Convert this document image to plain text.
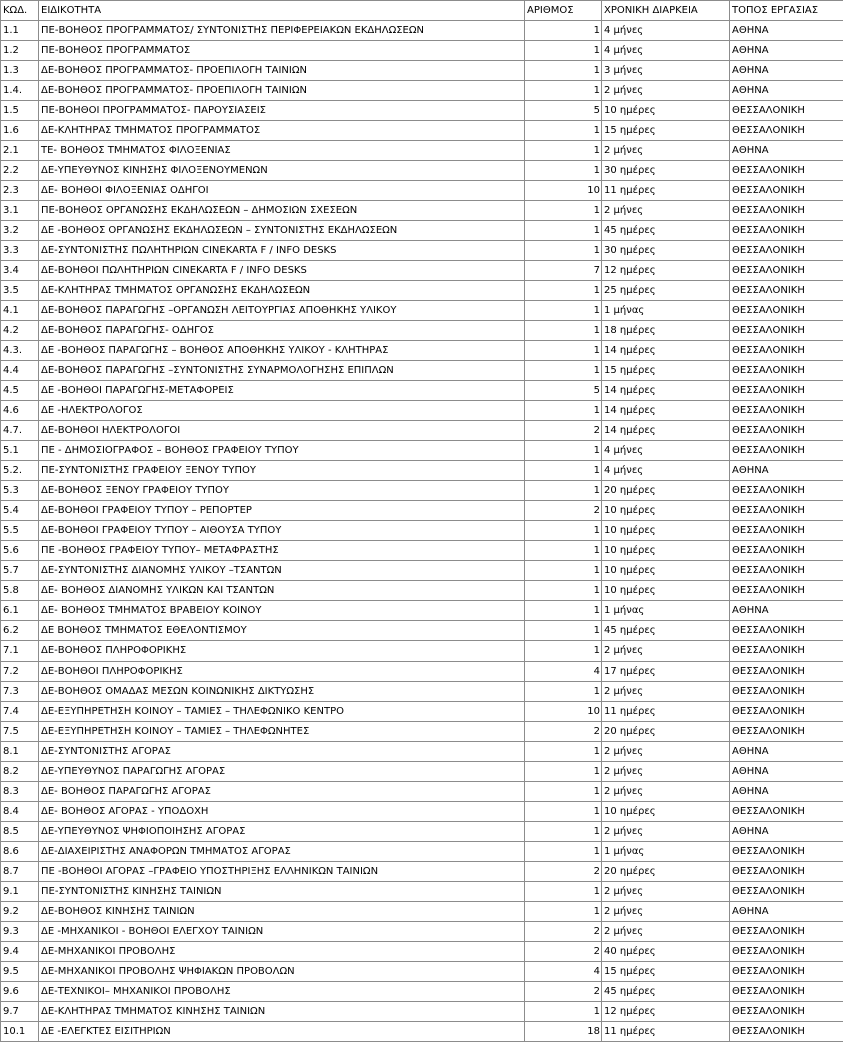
ΚΩΔ.	ΕΙΔΙΚΟΤΗΤΑ	ΑΡΙΘΜΟΣ	ΧΡΟΝΙΚΗ ΔΙΑΡΚΕΙΑ	ΤΟΠΟΣ ΕΡΓΑΣΙΑΣ
1.1	ΠΕ-ΒΟΗΘΟΣ ΠΡΟΓΡΑΜΜΑΤΟΣ/ ΣΥΝΤΟΝΙΣΤΗΣ ΠΕΡΙΦΕΡΕΙΑΚΩΝ ΕΚΔΗΛΩΣΕΩΝ	1	4 μήνες	ΑΘΗΝΑ
1.2	ΠΕ-ΒΟΗΘΟΣ ΠΡΟΓΡΑΜΜΑΤΟΣ	1	4 μήνες	ΑΘΗΝΑ
1.3	ΔΕ-ΒΟΗΘΟΣ ΠΡΟΓΡΑΜΜΑΤΟΣ- ΠΡΟΕΠΙΛΟΓΗ ΤΑΙΝΙΩΝ	1	3 μήνες	ΑΘΗΝΑ
1.4.	ΔΕ-ΒΟΗΘΟΣ ΠΡΟΓΡΑΜΜΑΤΟΣ- ΠΡΟΕΠΙΛΟΓΗ ΤΑΙΝΙΩΝ	1	2 μήνες	ΑΘΗΝΑ
1.5	ΠΕ-ΒΟΗΘΟΙ ΠΡΟΓΡΑΜΜΑΤΟΣ- ΠΑΡΟΥΣΙΑΣΕΙΣ	5	10 ημέρες	ΘΕΣΣΑΛΟΝΙΚΗ
1.6	ΔΕ-ΚΛΗΤΗΡΑΣ ΤΜΗΜΑΤΟΣ ΠΡΟΓΡΑΜΜΑΤΟΣ	1	15 ημέρες	ΘΕΣΣΑΛΟΝΙΚΗ
2.1	ΤΕ- ΒΟΗΘΟΣ ΤΜΗΜΑΤΟΣ ΦΙΛΟΞΕΝΙΑΣ	1	2 μήνες	ΑΘΗΝΑ
2.2	ΔΕ-ΥΠΕΥΘΥΝΟΣ ΚΙΝΗΣΗΣ ΦΙΛΟΞΕΝΟΥΜΕΝΩΝ	1	30 ημέρες	ΘΕΣΣΑΛΟΝΙΚΗ
2.3	ΔΕ- ΒΟΗΘΟΙ ΦΙΛΟΞΕΝΙΑΣ ΟΔΗΓΟΙ	10	11 ημέρες	ΘΕΣΣΑΛΟΝΙΚΗ
3.1	ΠΕ-ΒΟΗΘΟΣ ΟΡΓΑΝΩΣΗΣ ΕΚΔΗΛΩΣΕΩΝ – ΔΗΜΟΣΙΩΝ ΣΧΕΣΕΩΝ	1	2 μήνες	ΘΕΣΣΑΛΟΝΙΚΗ
3.2	ΔΕ -ΒΟΗΘΟΣ ΟΡΓΑΝΩΣΗΣ ΕΚΔΗΛΩΣΕΩΝ – ΣΥΝΤΟΝΙΣΤΗΣ ΕΚΔΗΛΩΣΕΩΝ	1	45 ημέρες	ΘΕΣΣΑΛΟΝΙΚΗ
3.3	ΔΕ-ΣΥΝΤΟΝΙΣΤΗΣ ΠΩΛΗΤΗΡΙΩΝ CINEKARTA F / INFO DESKS	1	30 ημέρες	ΘΕΣΣΑΛΟΝΙΚΗ
3.4	ΔΕ-ΒΟΗΘΟΙ ΠΩΛΗΤΗΡΙΩΝ CINEKARTA F / INFO DESKS	7	12 ημέρες	ΘΕΣΣΑΛΟΝΙΚΗ
3.5	ΔΕ-ΚΛΗΤΗΡΑΣ ΤΜΗΜΑΤΟΣ ΟΡΓΑΝΩΣΗΣ ΕΚΔΗΛΩΣΕΩΝ	1	25 ημέρες	ΘΕΣΣΑΛΟΝΙΚΗ
4.1	ΔΕ-ΒΟΗΘΟΣ ΠΑΡΑΓΩΓΗΣ –ΟΡΓΑΝΩΣΗ ΛΕΙΤΟΥΡΓΙΑΣ ΑΠΟΘΗΚΗΣ ΥΛΙΚΟΥ	1	1 μήνας	ΘΕΣΣΑΛΟΝΙΚΗ
4.2	ΔΕ-ΒΟΗΘΟΣ ΠΑΡΑΓΩΓΗΣ- ΟΔΗΓΟΣ	1	18 ημέρες	ΘΕΣΣΑΛΟΝΙΚΗ
4.3.	ΔΕ -ΒΟΗΘΟΣ ΠΑΡΑΓΩΓΗΣ – ΒΟΗΘΟΣ ΑΠΟΘΗΚΗΣ ΥΛΙΚΟΥ - ΚΛΗΤΗΡΑΣ	1	14 ημέρες	ΘΕΣΣΑΛΟΝΙΚΗ
4.4	ΔΕ-ΒΟΗΘΟΣ ΠΑΡΑΓΩΓΗΣ –ΣΥΝΤΟΝΙΣΤΗΣ ΣΥΝΑΡΜΟΛΟΓΗΣΗΣ ΕΠΙΠΛΩΝ	1	15 ημέρες	ΘΕΣΣΑΛΟΝΙΚΗ
4.5	ΔΕ -ΒΟΗΘΟΙ ΠΑΡΑΓΩΓΗΣ-ΜΕΤΑΦΟΡΕΙΣ	5	14 ημέρες	ΘΕΣΣΑΛΟΝΙΚΗ
4.6	ΔΕ -ΗΛΕΚΤΡΟΛΟΓΟΣ	1	14 ημέρες	ΘΕΣΣΑΛΟΝΙΚΗ
4.7.	ΔΕ-ΒΟΗΘΟΙ ΗΛΕΚΤΡΟΛΟΓΟΙ	2	14 ημέρες	ΘΕΣΣΑΛΟΝΙΚΗ
5.1	ΠΕ - ΔΗΜΟΣΙΟΓΡΑΦΟΣ – ΒΟΗΘΟΣ ΓΡΑΦΕΙΟΥ ΤΥΠΟΥ	1	4 μήνες	ΘΕΣΣΑΛΟΝΙΚΗ
5.2.	ΠΕ-ΣΥΝΤΟΝΙΣΤΗΣ ΓΡΑΦΕΙΟΥ ΞΕΝΟΥ ΤΥΠΟΥ	1	4 μήνες	ΑΘΗΝΑ
5.3	ΔΕ-ΒΟΗΘΟΣ ΞΕΝΟΥ ΓΡΑΦΕΙΟΥ ΤΥΠΟΥ	1	20 ημέρες	ΘΕΣΣΑΛΟΝΙΚΗ
5.4	ΔΕ-ΒΟΗΘΟΙ ΓΡΑΦΕΙΟΥ ΤΥΠΟΥ – ΡΕΠΟΡΤΕΡ	2	10 ημέρες	ΘΕΣΣΑΛΟΝΙΚΗ
5.5	ΔΕ-ΒΟΗΘΟΙ ΓΡΑΦΕΙΟΥ ΤΥΠΟΥ – ΑΙΘΟΥΣΑ ΤΥΠΟΥ	1	10 ημέρες	ΘΕΣΣΑΛΟΝΙΚΗ
5.6	ΠΕ -ΒΟΗΘΟΣ ΓΡΑΦΕΙΟΥ ΤΥΠΟΥ– ΜΕΤΑΦΡΑΣΤΗΣ	1	10 ημέρες	ΘΕΣΣΑΛΟΝΙΚΗ
5.7	ΔΕ-ΣΥΝΤΟΝΙΣΤΗΣ ΔΙΑΝΟΜΗΣ ΥΛΙΚΟΥ –ΤΣΑΝΤΩΝ	1	10 ημέρες	ΘΕΣΣΑΛΟΝΙΚΗ
5.8	ΔΕ- ΒΟΗΘΟΣ ΔΙΑΝΟΜΗΣ ΥΛΙΚΩΝ ΚΑΙ ΤΣΑΝΤΩΝ	1	10 ημέρες	ΘΕΣΣΑΛΟΝΙΚΗ
6.1	ΔΕ- ΒΟΗΘΟΣ ΤΜΗΜΑΤΟΣ ΒΡΑΒΕΙΟΥ ΚΟΙΝΟΥ	1	1 μήνας	ΑΘΗΝΑ
6.2	ΔΕ ΒΟΗΘΟΣ ΤΜΗΜΑΤΟΣ ΕΘΕΛΟΝΤΙΣΜΟΥ	1	45 ημέρες	ΘΕΣΣΑΛΟΝΙΚΗ
7.1	ΔΕ-ΒΟΗΘΟΣ ΠΛΗΡΟΦΟΡΙΚΗΣ	1	2 μήνες	ΘΕΣΣΑΛΟΝΙΚΗ
7.2	ΔΕ-ΒΟΗΘΟΙ ΠΛΗΡΟΦΟΡΙΚΗΣ	4	17 ημέρες	ΘΕΣΣΑΛΟΝΙΚΗ
7.3	ΔΕ-ΒΟΗΘΟΣ ΟΜΑΔΑΣ ΜΕΣΩΝ ΚΟΙΝΩΝΙΚΗΣ ΔΙΚΤΥΩΣΗΣ	1	2 μήνες	ΘΕΣΣΑΛΟΝΙΚΗ
7.4	ΔΕ-ΕΞΥΠΗΡΕΤΗΣΗ ΚΟΙΝΟΥ – ΤΑΜΙΕΣ – ΤΗΛΕΦΩΝΙΚΟ ΚΕΝΤΡΟ	10	11 ημέρες	ΘΕΣΣΑΛΟΝΙΚΗ
7.5	ΔΕ-ΕΞΥΠΗΡΕΤΗΣΗ ΚΟΙΝΟΥ – ΤΑΜΙΕΣ – ΤΗΛΕΦΩΝΗΤΕΣ	2	20 ημέρες	ΘΕΣΣΑΛΟΝΙΚΗ
8.1	ΔΕ-ΣΥΝΤΟΝΙΣΤΗΣ ΑΓΟΡΑΣ	1	2 μήνες	ΑΘΗΝΑ
8.2	ΔΕ-ΥΠΕΥΘΥΝΟΣ ΠΑΡΑΓΩΓΗΣ ΑΓΟΡΑΣ	1	2 μήνες	ΑΘΗΝΑ
8.3	ΔΕ- ΒΟΗΘΟΣ ΠΑΡΑΓΩΓΗΣ ΑΓΟΡΑΣ	1	2 μήνες	ΑΘΗΝΑ
8.4	ΔΕ- ΒΟΗΘΟΣ ΑΓΟΡΑΣ - ΥΠΟΔΟΧΗ	1	10 ημέρες	ΘΕΣΣΑΛΟΝΙΚΗ
8.5	ΔΕ-ΥΠΕΥΘΥΝΟΣ ΨΗΦΙΟΠΟΙΗΣΗΣ ΑΓΟΡΑΣ	1	2 μήνες	ΑΘΗΝΑ
8.6	ΔΕ-ΔΙΑΧΕΙΡΙΣΤΗΣ ΑΝΑΦΟΡΩΝ ΤΜΗΜΑΤΟΣ ΑΓΟΡΑΣ	1	1 μήνας	ΘΕΣΣΑΛΟΝΙΚΗ
8.7	ΠΕ -ΒΟΗΘΟΙ ΑΓΟΡΑΣ –ΓΡΑΦΕΙΟ ΥΠΟΣΤΗΡΙΞΗΣ ΕΛΛΗΝΙΚΩΝ ΤΑΙΝΙΩΝ	2	20 ημέρες	ΘΕΣΣΑΛΟΝΙΚΗ
9.1	ΠΕ-ΣΥΝΤΟΝΙΣΤΗΣ ΚΙΝΗΣΗΣ ΤΑΙΝΙΩΝ	1	2 μήνες	ΘΕΣΣΑΛΟΝΙΚΗ
9.2	ΔΕ-ΒΟΗΘΟΣ ΚΙΝΗΣΗΣ ΤΑΙΝΙΩΝ	1	2 μήνες	ΑΘΗΝΑ
9.3	ΔΕ -ΜΗΧΑΝΙΚΟΙ - ΒΟΗΘΟΙ ΕΛΕΓΧΟΥ ΤΑΙΝΙΩΝ	2	2 μήνες	ΘΕΣΣΑΛΟΝΙΚΗ
9.4	ΔΕ-ΜΗΧΑΝΙΚΟΙ ΠΡΟΒΟΛΗΣ	2	40 ημέρες	ΘΕΣΣΑΛΟΝΙΚΗ
9.5	ΔΕ-ΜΗΧΑΝΙΚΟΙ ΠΡΟΒΟΛΗΣ ΨΗΦΙΑΚΩΝ ΠΡΟΒΟΛΩΝ	4	15 ημέρες	ΘΕΣΣΑΛΟΝΙΚΗ
9.6	ΔΕ-ΤΕΧΝΙΚΟΙ– ΜΗΧΑΝΙΚΟΙ ΠΡΟΒΟΛΗΣ	2	45 ημέρες	ΘΕΣΣΑΛΟΝΙΚΗ
9.7	ΔΕ-ΚΛΗΤΗΡΑΣ ΤΜΗΜΑΤΟΣ ΚΙΝΗΣΗΣ ΤΑΙΝΙΩΝ	1	12 ημέρες	ΘΕΣΣΑΛΟΝΙΚΗ
10.1	ΔΕ -ΕΛΕΓΚΤΕΣ ΕΙΣΙΤΗΡΙΩΝ	18	11 ημέρες	ΘΕΣΣΑΛΟΝΙΚΗ
